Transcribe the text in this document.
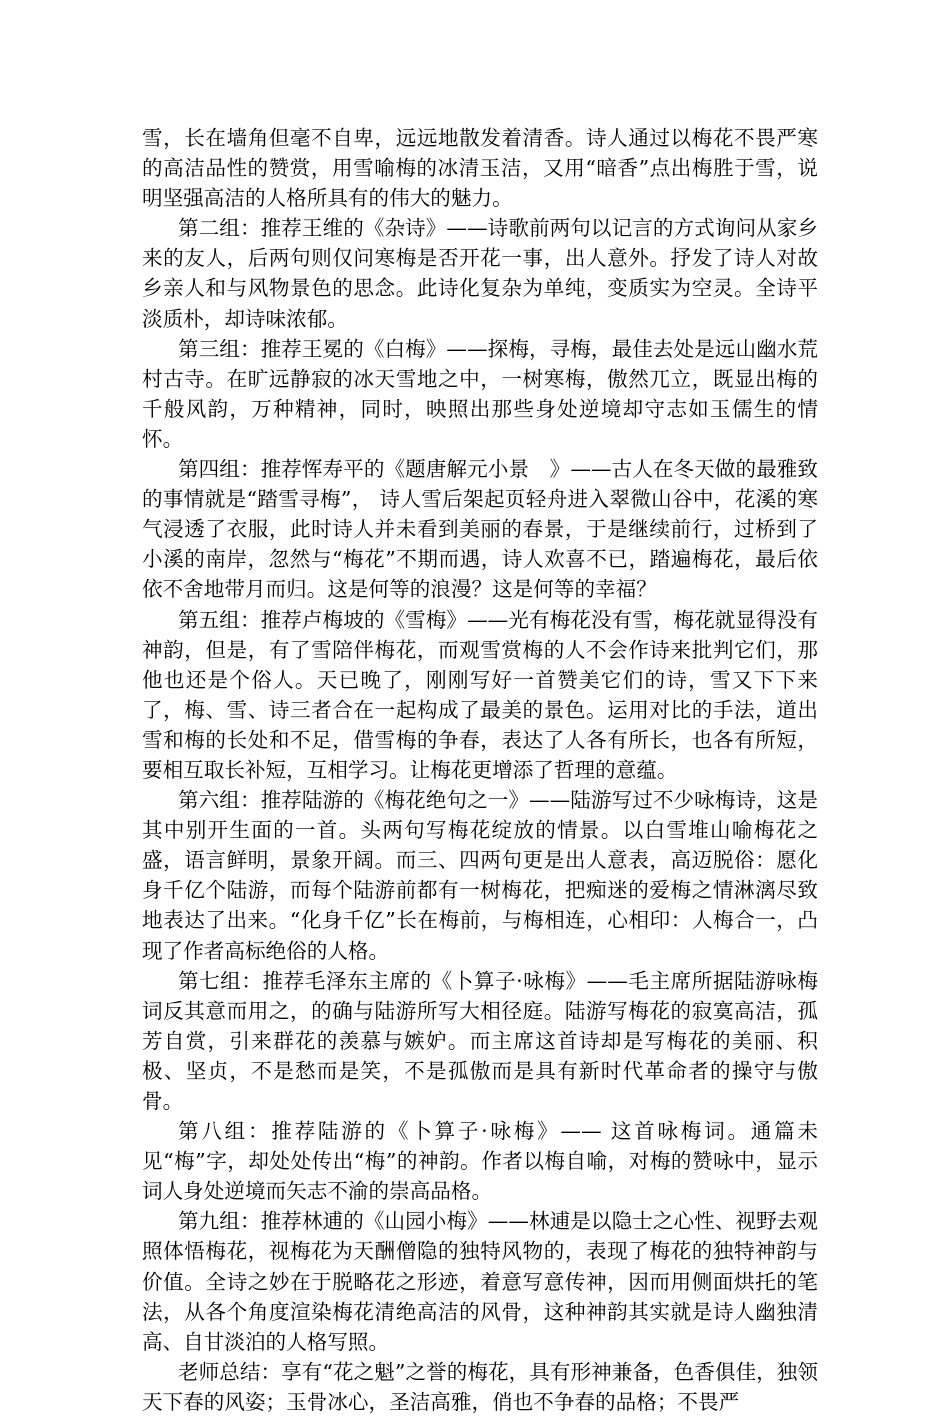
雪，长在墙角但毫不自卑，远远地散发着清香。诗人通过以梅花不畏严寒的高洁品性的赞赏，用雪喻梅的冰清玉洁，又用“暗香”点出梅胜于雪，说明坚强高洁的人格所具有的伟大的魅力。

第二组：推荐王维的《杂诗》——诗歌前两句以记言的方式询问从家乡来的友人，后两句则仅问寒梅是否开花一事，出人意外。抒发了诗人对故乡亲人和与风物景色的思念。此诗化复杂为单纯，变质实为空灵。全诗平淡质朴，却诗味浓郁。

第三组：推荐王冕的《白梅》——探梅，寻梅，最佳去处是远山幽水荒村古寺。在旷远静寂的冰天雪地之中，一树寒梅，傲然兀立，既显出梅的千般风韵，万种精神，同时，映照出那些身处逆境却守志如玉儒生的情怀。

第四组：推荐恽寿平的《题唐解元小景　》——古人在冬天做的最雅致的事情就是“踏雪寻梅”， 诗人雪后架起页轻舟进入翠微山谷中，花溪的寒气浸透了衣服，此时诗人并未看到美丽的春景，于是继续前行，过桥到了小溪的南岸，忽然与“梅花”不期而遇，诗人欢喜不已，踏遍梅花，最后依依不舍地带月而归。这是何等的浪漫？这是何等的幸福？

第五组：推荐卢梅坡的《雪梅》——光有梅花没有雪，梅花就显得没有神韵，但是，有了雪陪伴梅花，而观雪赏梅的人不会作诗来批判它们，那他也还是个俗人。天已晚了，刚刚写好一首赞美它们的诗，雪又下下来了，梅、雪、诗三者合在一起构成了最美的景色。运用对比的手法，道出雪和梅的长处和不足，借雪梅的争春，表达了人各有所长，也各有所短，要相互取长补短，互相学习。让梅花更增添了哲理的意蕴。

第六组：推荐陆游的《梅花绝句之一》——陆游写过不少咏梅诗，这是其中别开生面的一首。头两句写梅花绽放的情景。以白雪堆山喻梅花之盛，语言鲜明，景象开阔。而三、四两句更是出人意表，高迈脱俗：愿化身千亿个陆游，而每个陆游前都有一树梅花，把痴迷的爱梅之情淋漓尽致地表达了出来。“化身千亿”长在梅前，与梅相连，心相印：人梅合一，凸现了作者高标绝俗的人格。

第七组：推荐毛泽东主席的《卜算子·咏梅》——毛主席所据陆游咏梅词反其意而用之，的确与陆游所写大相径庭。陆游写梅花的寂寞高洁，孤芳自赏，引来群花的羡慕与嫉妒。而主席这首诗却是写梅花的美丽、积极、坚贞，不是愁而是笑，不是孤傲而是具有新时代革命者的操守与傲骨。

第八组：推荐陆游的《卜算子·咏梅》—— 这首咏梅词。通篇未见“梅”字，却处处传出“梅”的神韵。作者以梅自喻，对梅的赞咏中，显示词人身处逆境而矢志不渝的崇高品格。

第九组：推荐林逋的《山园小梅》——林逋是以隐士之心性、视野去观照体悟梅花，视梅花为天酬僧隐的独特风物的，表现了梅花的独特神韵与价值。全诗之妙在于脱略花之形迹，着意写意传神，因而用侧面烘托的笔法，从各个角度渲染梅花清绝高洁的风骨，这种神韵其实就是诗人幽独清高、自甘淡泊的人格写照。

老师总结：享有“花之魁”之誉的梅花，具有形神兼备，色香俱佳，独领天下春的风姿；玉骨冰心，圣洁高雅，俏也不争春的品格；不畏严
